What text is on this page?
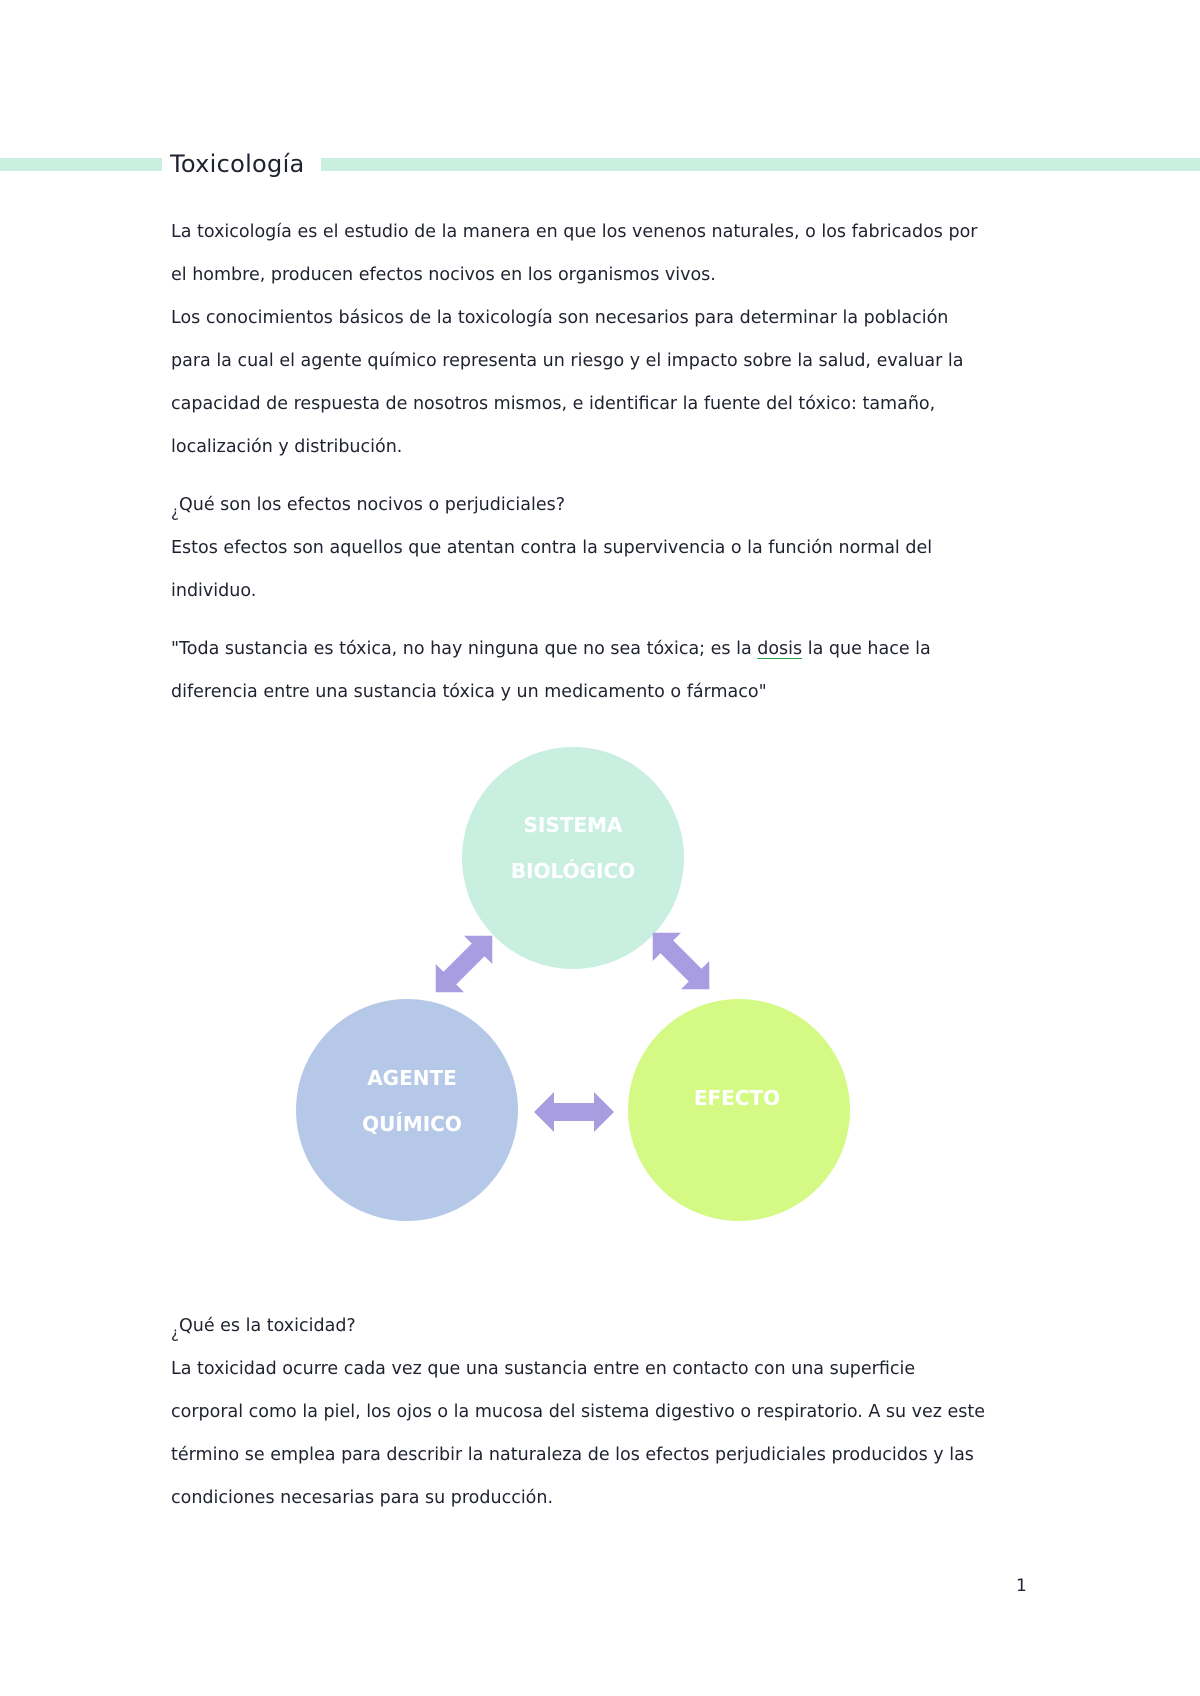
Toxicología

La toxicología es el estudio de la manera en que los venenos naturales, o los fabricados por

el hombre, producen efectos nocivos en los organismos vivos.

Los conocimientos básicos de la toxicología son necesarios para determinar la población

para la cual el agente químico representa un riesgo y el impacto sobre la salud, evaluar la

capacidad de respuesta de nosotros mismos, e identificar la fuente del tóxico: tamaño,

localización y distribución.

¿Qué son los efectos nocivos o perjudiciales?

Estos efectos son aquellos que atentan contra la supervivencia o la función normal del

individuo.

"Toda sustancia es tóxica, no hay ninguna que no sea tóxica; es la dosis la que hace la

diferencia entre una sustancia tóxica y un medicamento o fármaco"

SISTEMA
BIOLÓGICO
AGENTE
QUÍMICO
EFECTO

¿Qué es la toxicidad?

La toxicidad ocurre cada vez que una sustancia entre en contacto con una superficie

corporal como la piel, los ojos o la mucosa del sistema digestivo o respiratorio. A su vez este

término se emplea para describir la naturaleza de los efectos perjudiciales producidos y las

condiciones necesarias para su producción.

1
